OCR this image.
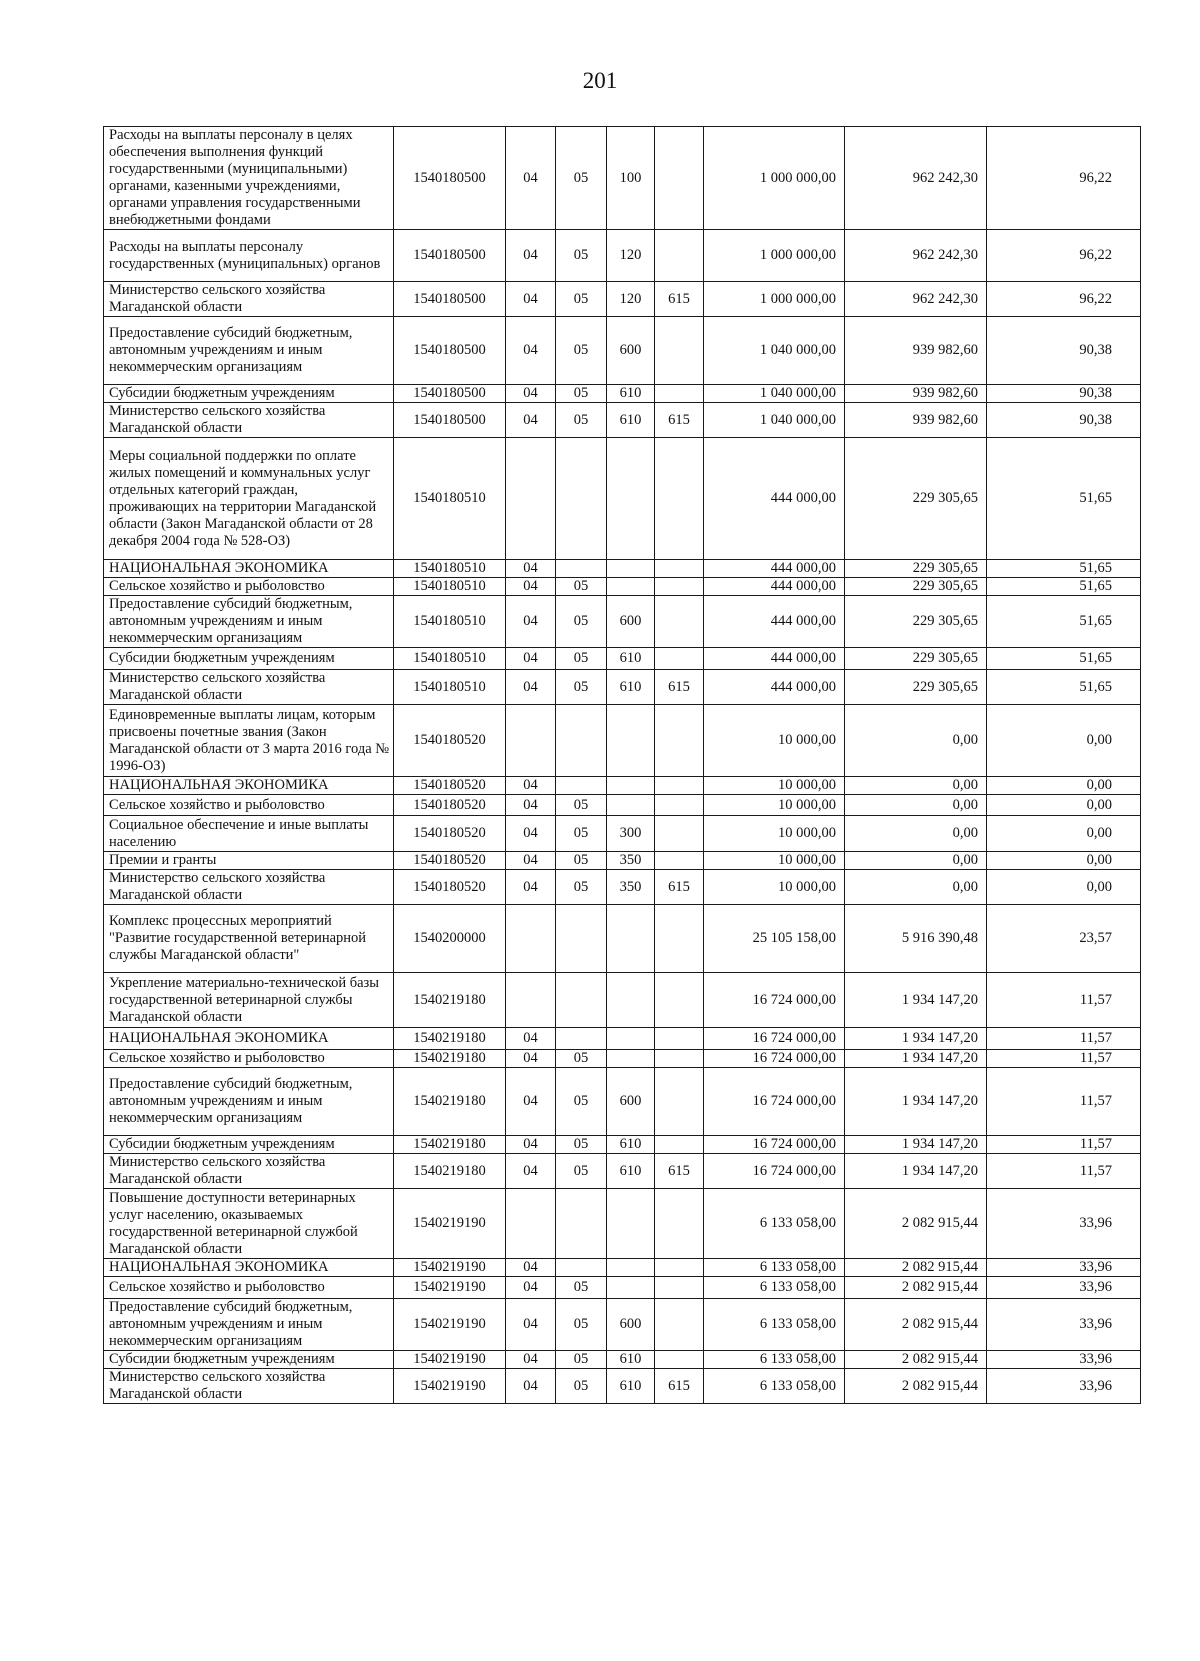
201
Расходы на выплаты персоналу в целях обеспечения выполнения функций государственными (муниципальными) органами, казенными учреждениями, органами управления государственными внебюджетными фондами	1540180500	04	05	100		1 000 000,00	962 242,30	96,22
Расходы на выплаты персоналу государственных (муниципальных) органов	1540180500	04	05	120		1 000 000,00	962 242,30	96,22
Министерство сельского хозяйства Магаданской области	1540180500	04	05	120	615	1 000 000,00	962 242,30	96,22
Предоставление субсидий бюджетным, автономным учреждениям и иным некоммерческим организациям	1540180500	04	05	600		1 040 000,00	939 982,60	90,38
Субсидии бюджетным учреждениям	1540180500	04	05	610		1 040 000,00	939 982,60	90,38
Министерство сельского хозяйства Магаданской области	1540180500	04	05	610	615	1 040 000,00	939 982,60	90,38
Меры социальной поддержки по оплате жилых помещений и коммунальных услуг отдельных категорий граждан, проживающих на территории Магаданской области (Закон Магаданской области от 28 декабря 2004 года № 528-ОЗ)	1540180510					444 000,00	229 305,65	51,65
НАЦИОНАЛЬНАЯ ЭКОНОМИКА	1540180510	04				444 000,00	229 305,65	51,65
Сельское хозяйство и рыболовство	1540180510	04	05			444 000,00	229 305,65	51,65
Предоставление субсидий бюджетным, автономным учреждениям и иным некоммерческим организациям	1540180510	04	05	600		444 000,00	229 305,65	51,65
Субсидии бюджетным учреждениям	1540180510	04	05	610		444 000,00	229 305,65	51,65
Министерство сельского хозяйства Магаданской области	1540180510	04	05	610	615	444 000,00	229 305,65	51,65
Единовременные выплаты лицам, которым присвоены почетные звания (Закон Магаданской области от 3 марта 2016 года № 1996-ОЗ)	1540180520					10 000,00	0,00	0,00
НАЦИОНАЛЬНАЯ ЭКОНОМИКА	1540180520	04				10 000,00	0,00	0,00
Сельское хозяйство и рыболовство	1540180520	04	05			10 000,00	0,00	0,00
Социальное обеспечение и иные выплаты населению	1540180520	04	05	300		10 000,00	0,00	0,00
Премии и гранты	1540180520	04	05	350		10 000,00	0,00	0,00
Министерство сельского хозяйства Магаданской области	1540180520	04	05	350	615	10 000,00	0,00	0,00
Комплекс процессных мероприятий "Развитие государственной ветеринарной службы Магаданской области"	1540200000					25 105 158,00	5 916 390,48	23,57
Укрепление материально-технической базы государственной ветеринарной службы Магаданской области	1540219180					16 724 000,00	1 934 147,20	11,57
НАЦИОНАЛЬНАЯ ЭКОНОМИКА	1540219180	04				16 724 000,00	1 934 147,20	11,57
Сельское хозяйство и рыболовство	1540219180	04	05			16 724 000,00	1 934 147,20	11,57
Предоставление субсидий бюджетным, автономным учреждениям и иным некоммерческим организациям	1540219180	04	05	600		16 724 000,00	1 934 147,20	11,57
Субсидии бюджетным учреждениям	1540219180	04	05	610		16 724 000,00	1 934 147,20	11,57
Министерство сельского хозяйства Магаданской области	1540219180	04	05	610	615	16 724 000,00	1 934 147,20	11,57
Повышение доступности ветеринарных услуг населению, оказываемых государственной ветеринарной службой Магаданской области	1540219190					6 133 058,00	2 082 915,44	33,96
НАЦИОНАЛЬНАЯ ЭКОНОМИКА	1540219190	04				6 133 058,00	2 082 915,44	33,96
Сельское хозяйство и рыболовство	1540219190	04	05			6 133 058,00	2 082 915,44	33,96
Предоставление субсидий бюджетным, автономным учреждениям и иным некоммерческим организациям	1540219190	04	05	600		6 133 058,00	2 082 915,44	33,96
Субсидии бюджетным учреждениям	1540219190	04	05	610		6 133 058,00	2 082 915,44	33,96
Министерство сельского хозяйства Магаданской области	1540219190	04	05	610	615	6 133 058,00	2 082 915,44	33,96
